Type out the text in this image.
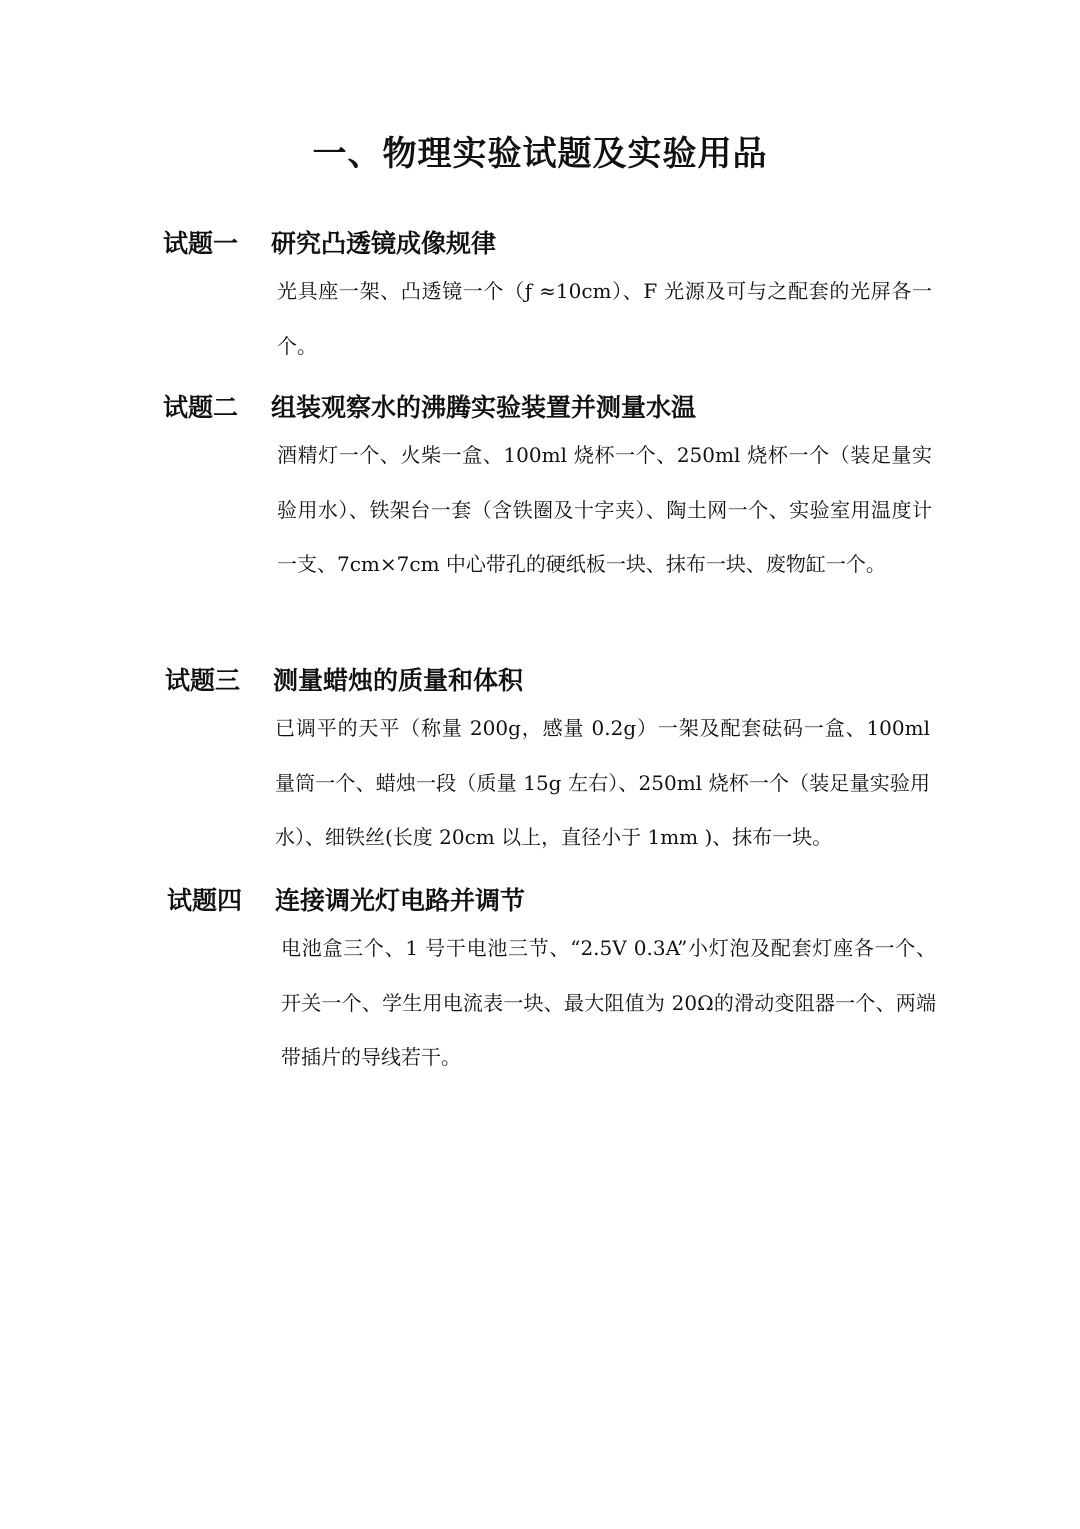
一、物理实验试题及实验用品
试题一 研究凸透镜成像规律

光具座一架、凸透镜一个（ƒ ≈10cm）、F 光源及可与之配套的光屏各一个。

试题二 组装观察水的沸腾实验装置并测量水温

酒精灯一个、火柴一盒、100ml 烧杯一个、250ml 烧杯一个（装足量实验用水）、铁架台一套（含铁圈及十字夹）、陶土网一个、实验室用温度计一支、7cm×7cm 中心带孔的硬纸板一块、抹布一块、废物缸一个。

试题三 测量蜡烛的质量和体积

已调平的天平（称量 200g，感量 0.2g）一架及配套砝码一盒、100ml 量筒一个、蜡烛一段（质量 15g 左右）、250ml 烧杯一个（装足量实验用水）、细铁丝(长度 20cm 以上，直径小于 1mm )、抹布一块。

试题四 连接调光灯电路并调节

电池盒三个、1 号干电池三节、“2.5V 0.3A”小灯泡及配套灯座各一个、开关一个、学生用电流表一块、最大阻值为 20Ω的滑动变阻器一个、两端带插片的导线若干。
